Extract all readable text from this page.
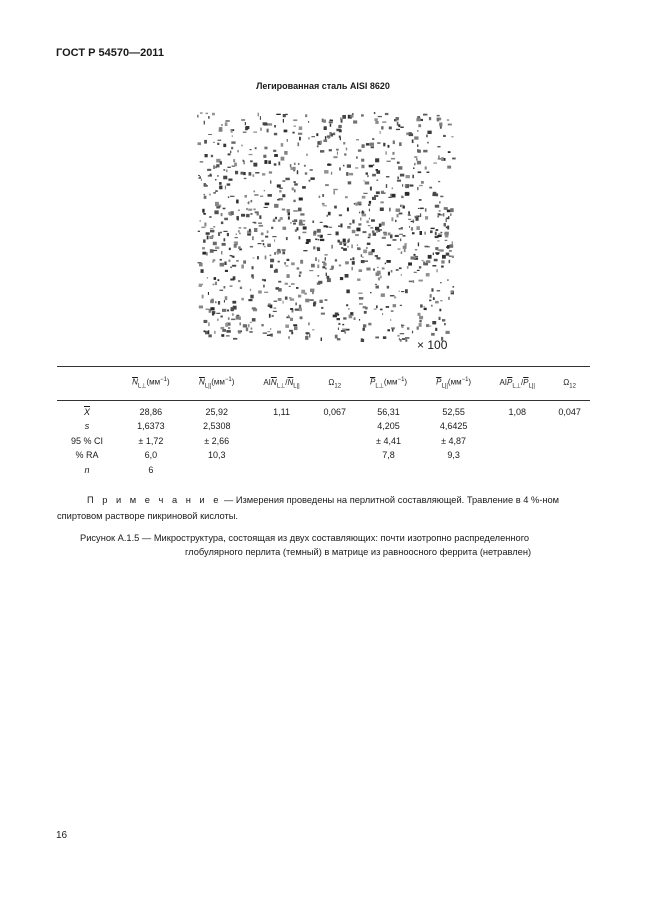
ГОСТ Р 54570—2011
Легированная сталь AISI 8620
× 100
	$\overline{N}_{L\perp}(мм^{-1})$	$\overline{N}_{L||}(мм^{-1})$	$AI\overline{N}_{L\perp}/\overline{N}_{L||}$	$\Omega_{12}$	$\overline{P}_{L\perp}(мм^{-1})$	$\overline{P}_{L||}(мм^{-1})$	$AI\overline{P}_{L\perp}/\overline{P}_{L||}$	$\Omega_{12}$
$\overline{X}$	28,86	25,92	1,11	0,067	56,31	52,55	1,08	0,047
s	1,6373	2,5308			4,205	4,6425		
95 % CI	± 1,72	± 2,66			± 4,41	± 4,87		
% RA	6,0	10,3			7,8	9,3		
n	6							
П р и м е ч а н и е — Измерения проведены на перлитной составляющей. Травление в 4 %-ном спиртовом растворе пикриновой кислоты.
Рисунок А.1.5 — Микроструктура, состоящая из двух составляющих: почти изотропно распределенного
глобулярного перлита (темный) в матрице из равноосного феррита (нетравлен)
16
